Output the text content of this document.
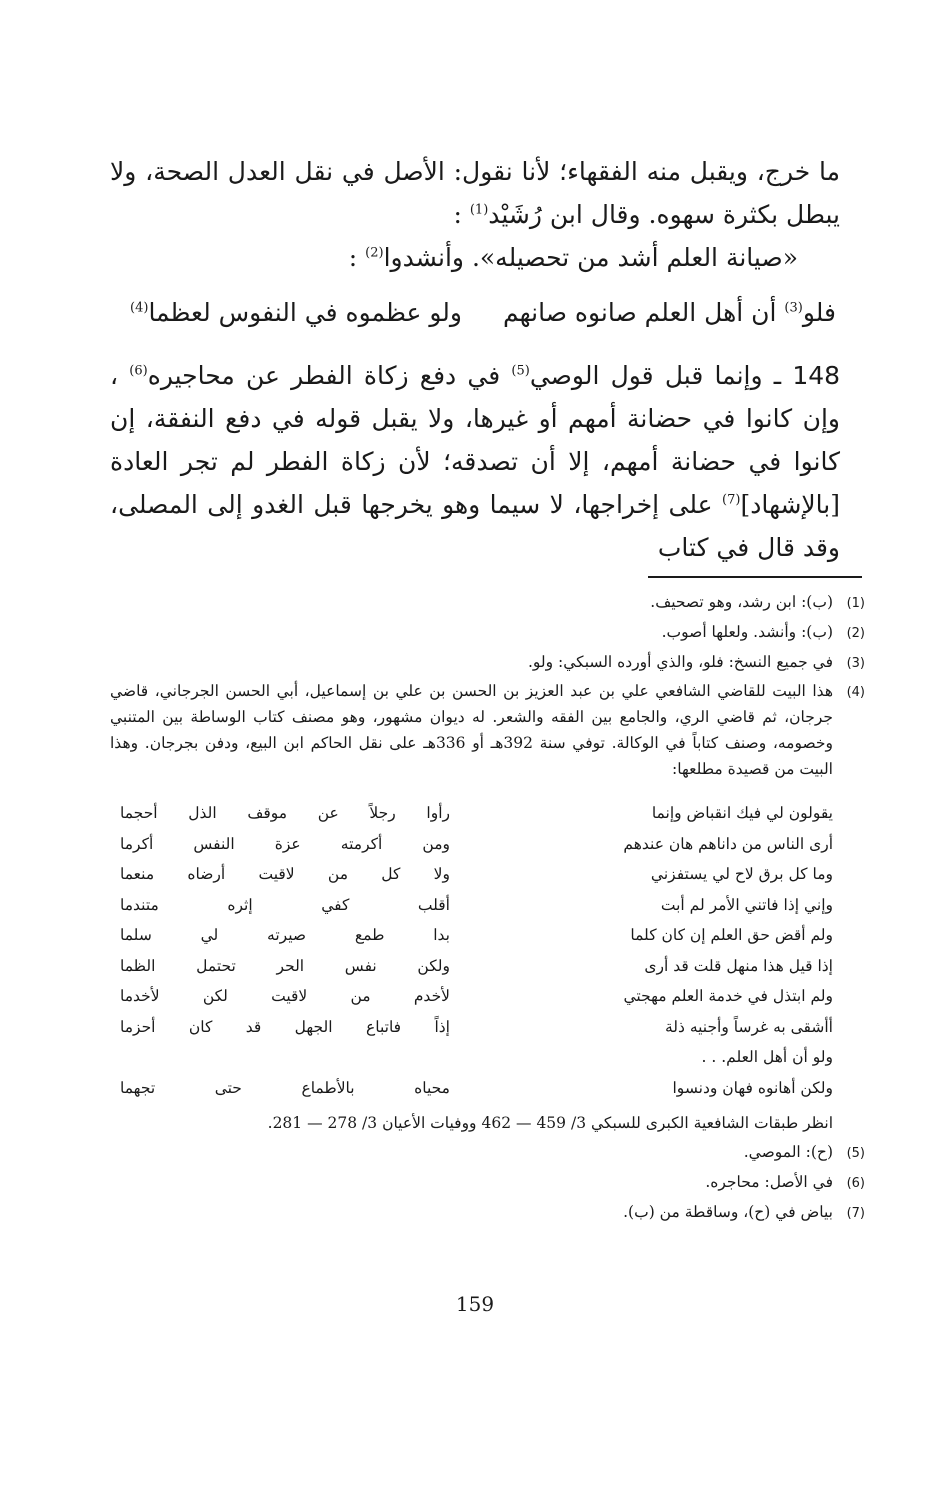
ما خرج، ويقبل منه الفقهاء؛ لأنا نقول: الأصل في نقل العدل الصحة، ولا يبطل بكثرة سهوه. وقال ابن رُشَيْد$^{(1)}$ :

«صيانة العلم أشد من تحصيله». وأنشدوا$^{(2)}$ :

فلو$^{(3)}$ أن أهل العلم صانوه صانهم
ولو عظموه في النفوس لعظما$^{(4)}$

148 ـ وإنما قبل قول الوصي$^{(5)}$ في دفع زكاة الفطر عن محاجيره$^{(6)}$ ، وإن كانوا في حضانة أمهم أو غيرها، ولا يقبل قوله في دفع النفقة، إن كانوا في حضانة أمهم، إلا أن تصدقه؛ لأن زكاة الفطر لم تجر العادة [بالإشهاد]$^{(7)}$ على إخراجها، لا سيما وهو يخرجها قبل الغدو إلى المصلى، وقد قال في كتاب

(1)
(ب): ابن رشد، وهو تصحيف.
(2)
(ب): وأنشد. ولعلها أصوب.
(3)
في جميع النسخ: فلو، والذي أورده السبكي: ولو.
(4)
هذا البيت للقاضي الشافعي علي بن عبد العزيز بن الحسن بن علي بن إسماعيل، أبي الحسن الجرجاني، قاضي جرجان، ثم قاضي الري، والجامع بين الفقه والشعر. له ديوان مشهور، وهو مصنف كتاب الوساطة بين المتنبي وخصومه، وصنف كتاباً في الوكالة. توفي سنة 392هـ أو 336هـ على نقل الحاكم ابن البيع، ودفن بجرجان. وهذا البيت من قصيدة مطلعها:
يقولون لي فيك انقباض وإنما
رأوا رجلاً عن موقف الذل أحجما
أرى الناس من داناهم هان عندهم
ومن أكرمته عزة النفس أكرما
وما كل برق لاح لي يستفزني
ولا كل من لاقيت أرضاه منعما
وإني إذا فاتني الأمر لم أبت
أقلب كفي إثره متندما
ولم أقض حق العلم إن كان كلما
بدا طمع صيرته لي سلما
إذا قيل هذا منهل قلت قد أرى
ولكن نفس الحر تحتمل الظما
ولم ابتذل في خدمة العلم مهجتي
لأخدم من لاقيت لكن لأخدما
أأشقى به غرساً وأجنيه ذلة
إذاً فاتباع الجهل قد كان أحزما
ولو أن أهل العلم. . .
ولكن أهانوه فهان ودنسوا
محياه بالأطماع حتى تجهما
انظر طبقات الشافعية الكبرى للسبكي 3/ 459 — 462 ووفيات الأعيان 3/ 278 — 281.
(5)
(ح): الموصي.
(6)
في الأصل: محاجره.
(7)
بياض في (ح)، وساقطة من (ب).
159
